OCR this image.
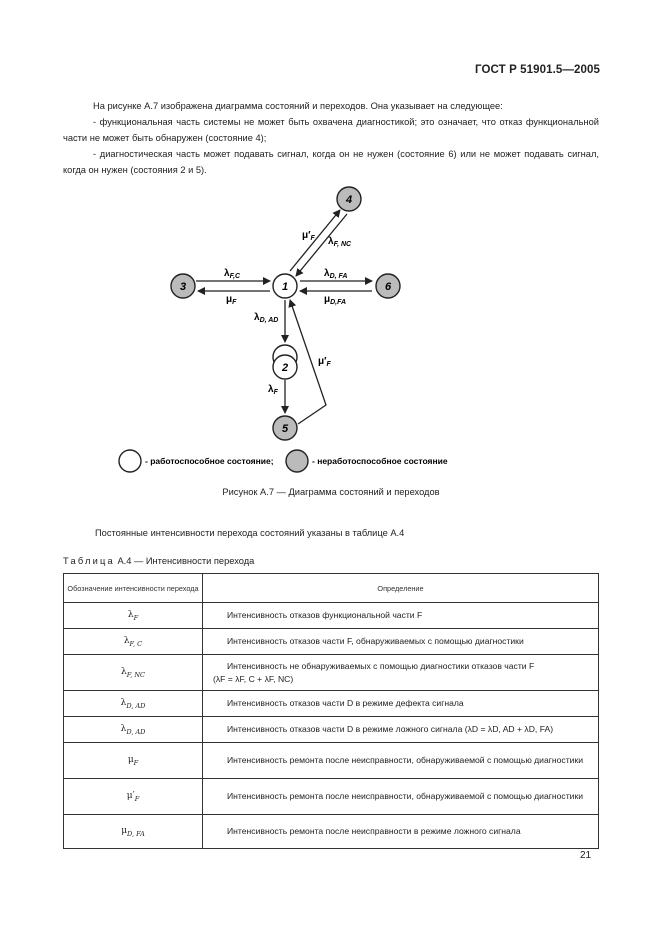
ГОСТ Р 51901.5—2005
На рисунке А.7 изображена диаграмма состояний и переходов. Она указывает на следующее:
- функциональная часть системы не может быть охвачена диагностикой; это означает, что отказ функциональной части не может быть обнаружен (состояние 4);
- диагностическая часть может подавать сигнал, когда он не нужен (состояние 6) или не может подавать сигнал, когда он нужен (состояния 2 и 5).
1
2
3
4
5
6
$\lambda_{F,C}$
$\mu_F$
$\lambda_{D, FA}$
$\mu_{D,FA}$
$\lambda_{D, AD}$
$\lambda_F$
$\mu'_F$
$\mu'_F$ $\lambda_{F, NC}$
- работоспособное состояние;	- неработоспособное состояние
Рисунок А.7 — Диаграмма состояний и переходов
Постоянные интенсивности перехода состояний указаны в таблице А.4
Таблица А.4 — Интенсивности перехода
Обозначение интенсивности перехода	Определение
$\lambda_F$	Интенсивность отказов функциональной части F
$\lambda_{F, C}$	Интенсивность отказов части F, обнаруживаемых с помощью диагностики
$\lambda_{F, NC}$	Интенсивность не обнаруживаемых с помощью диагностики отказов части F
(λF = λF, C + λF, NC)
$\lambda_{D, AD}$	Интенсивность отказов части D в режиме дефекта сигнала
$\lambda_{D, AD}$	Интенсивность отказов части D в режиме ложного сигнала (λD = λD, AD + λD, FA)
$\mu_F$	Интенсивность ремонта после неисправности, обнаруживаемой с помощью диагностики
$\mu'_F$	Интенсивность ремонта после неисправности, обнаруживаемой с помощью диагностики
$\mu_{D, FA}$	Интенсивность ремонта после неисправности в режиме ложного сигнала
21
